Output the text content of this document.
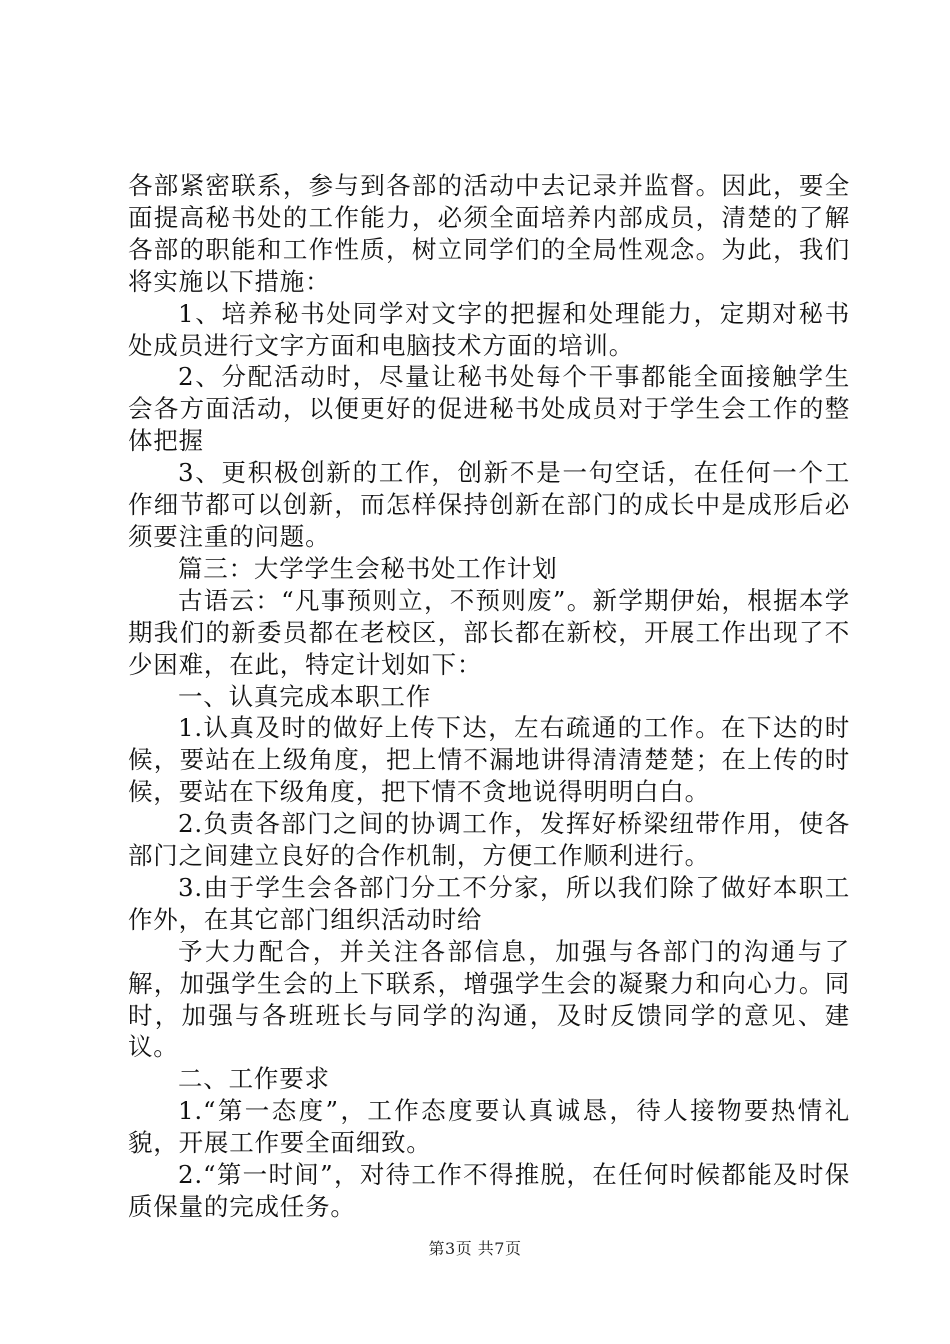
各部紧密联系，参与到各部的活动中去记录并监督。因此，要全面提高秘书处的工作能力，必须全面培养内部成员，清楚的了解各部的职能和工作性质，树立同学们的全局性观念。为此，我们将实施以下措施：

1、培养秘书处同学对文字的把握和处理能力，定期对秘书处成员进行文字方面和电脑技术方面的培训。

2、分配活动时，尽量让秘书处每个干事都能全面接触学生会各方面活动，以便更好的促进秘书处成员对于学生会工作的整体把握

3、更积极创新的工作，创新不是一句空话，在任何一个工作细节都可以创新，而怎样保持创新在部门的成长中是成形后必须要注重的问题。

篇三：大学学生会秘书处工作计划

古语云：“凡事预则立，不预则废”。新学期伊始，根据本学期我们的新委员都在老校区，部长都在新校，开展工作出现了不少困难，在此，特定计划如下：

一、认真完成本职工作

1.认真及时的做好上传下达，左右疏通的工作。在下达的时候，要站在上级角度，把上情不漏地讲得清清楚楚；在上传的时候，要站在下级角度，把下情不贪地说得明明白白。

2.负责各部门之间的协调工作，发挥好桥梁纽带作用，使各部门之间建立良好的合作机制，方便工作顺利进行。

3.由于学生会各部门分工不分家，所以我们除了做好本职工作外，在其它部门组织活动时给

予大力配合，并关注各部信息，加强与各部门的沟通与了解，加强学生会的上下联系，增强学生会的凝聚力和向心力。同时，加强与各班班长与同学的沟通，及时反馈同学的意见、建议。

二、工作要求

1.“第一态度”，工作态度要认真诚恳，待人接物要热情礼貌，开展工作要全面细致。

2.“第一时间”，对待工作不得推脱，在任何时候都能及时保质保量的完成任务。

第3页 共7页
